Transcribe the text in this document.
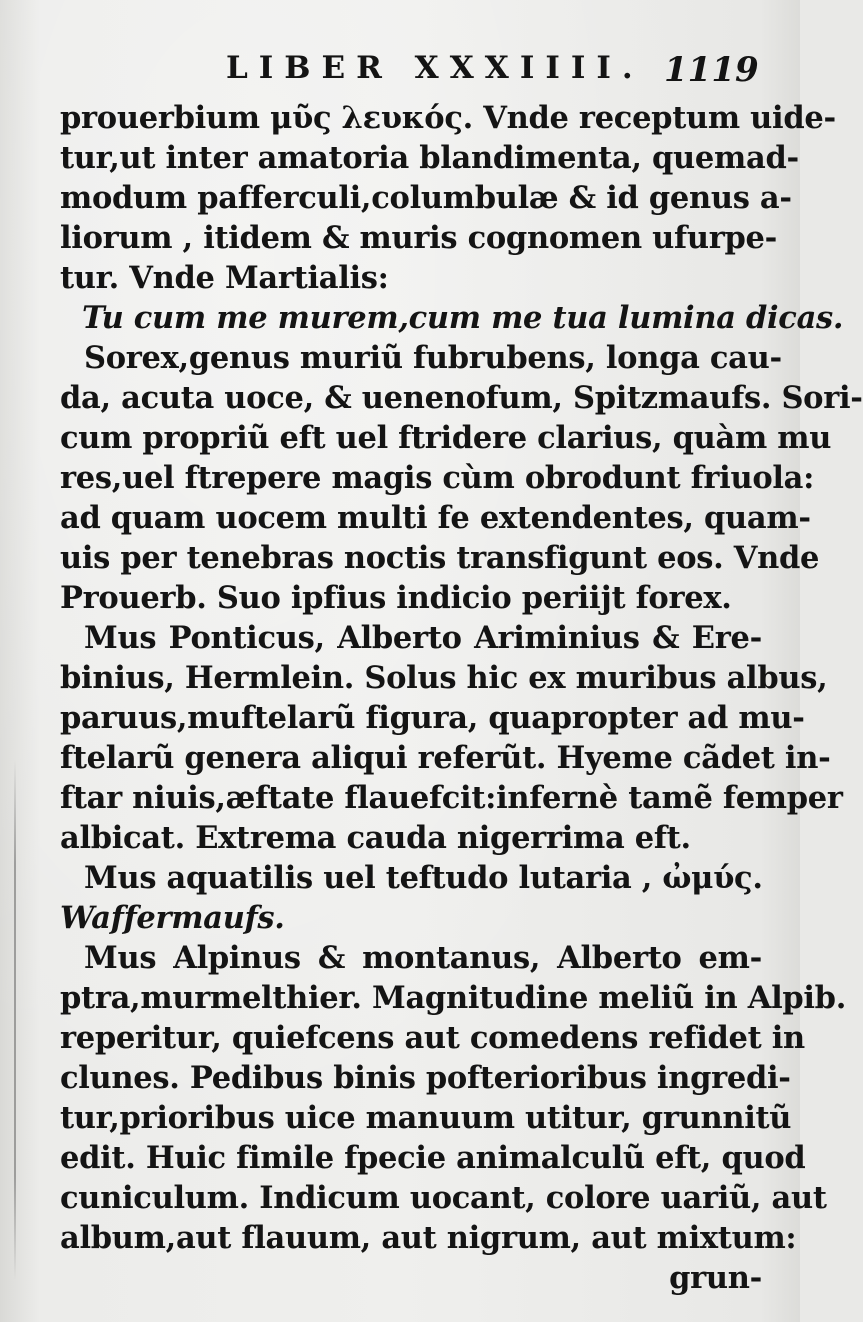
LIBER XXXIIII. 1119
prouerbium μῦς λευκός. Vnde receptum uide-
tur,ut inter amatoria blandimenta, quemad-
modum pafferculi,columbulæ & id genus a-
liorum , itidem & muris cognomen ufurpe-
tur. Vnde Martialis:
Tu cum me murem,cum me tua lumina dicas.
Sorex,genus muriũ fubrubens, longa cau-
da, acuta uoce, & uenenofum, Spitzmaufs. Sori-
cum propriũ eft uel ftridere clarius, quàm mu
res,uel ftrepere magis cùm obrodunt friuola:
ad quam uocem multi fe extendentes, quam-
uis per tenebras noctis transfigunt eos. Vnde
Prouerb. Suo ipfius indicio periĳt forex.
Mus Ponticus, Alberto Ariminius & Ere-
binius, Hermlein. Solus hic ex muribus albus,
paruus,muftelarũ figura, quapropter ad mu-
ftelarũ genera aliqui referũt. Hyeme cãdet in-
ftar niuis,æftate flauefcit:infernè tamẽ femper
albicat. Extrema cauda nigerrima eft.
Mus aquatilis uel teftudo lutaria , ὠμύς.
Waffermaufs.
Mus Alpinus & montanus, Alberto em-
ptra,murmelthier. Magnitudine meliũ in Alpib.
reperitur, quiefcens aut comedens refidet in
clunes. Pedibus binis pofterioribus ingredi-
tur,prioribus uice manuum utitur, grunnitũ
edit. Huic fimile fpecie animalculũ eft, quod
cuniculum. Indicum uocant, colore uariũ, aut
album,aut flauum, aut nigrum, aut mixtum:
grun-
